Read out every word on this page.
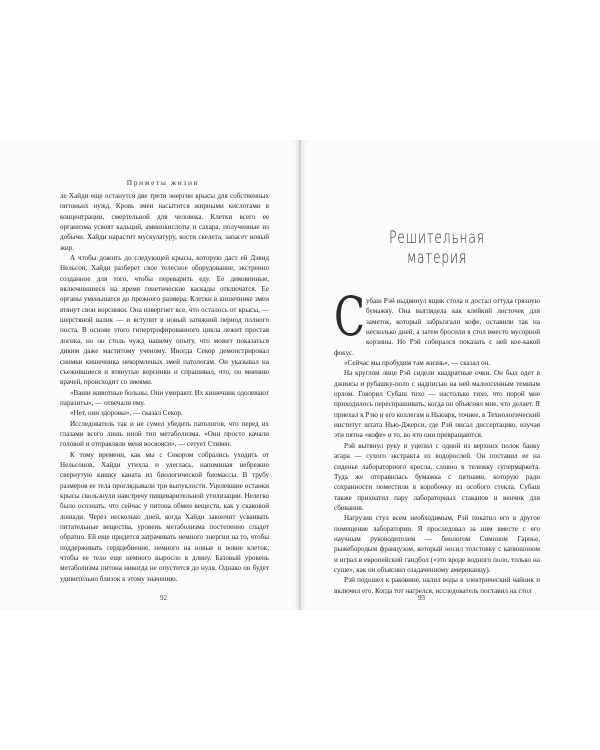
Приметы жизни

ле Хайди еще останутся две трети энергии крысы для собственных питоньих нужд. Кровь змеи насытится жирными кислотами в концентрации, смертельной для человека. Клетки всего ее организма усвоят кальций, аминокислоты и сахара, полученные из добычи. Хайди нарастит мускулатуру, кости скелета, запасет новый жир.

А чтобы дожить до следующей крысы, которую даст ей Дэвид Нельсон, Хайди разберет свое телесное оборудование, экстренно созданное для того, чтобы переварить еду. Ее диковинные, включившиеся на время генетические каскады отключатся. Ее органы уменьшатся до прежнего размера. Клетки в кишечнике змеи втянут свои ворсинки. Она изве́ргнет все, что осталось от крысы, — шерстяной валик — и вступит в новый затяжной период полного поста. В основе этого гипертрофированного цикла лежит простая логика, но он столь чужд нашему опыту, что может показаться диким даже маститому ученому. Иногда Секор демонстрировал снимки кишечника некормленых змей патологам. Он указывал на съежившиеся и втянутые ворсинки и спрашивал, что, по мнению врачей, происходит со змеями.

«Ваши животные больны. Они умирают. Их кишечник одолевают паразиты», — отвечали ему.

«Нет, они здоровы», — сказал Секор.

Исследователь так и не сумел убедить патологов, что перед их глазами всего лишь иной тип метаболизма. «Они просто качали головой и отправляли меня восвояси», — сетует Стивен.

К тому времени, как мы с Секором собрались уходить от Нельсонов, Хайди утихла и улеглась, напоминая небрежно свернутую кишку каната из биологической биомассы. В трубу размеров ее тела проглядывали три выпуклости. Уцелевшие останки крысы скользнули навстречу пищеварительной утилизации. Нелегко было осознать, что сейчас у питона обмен веществ, как у скаковой лошади. Через несколько дней, когда Хайди закончит усваивать питательные вещества, уровень метаболизма постепенно спадет обратно. Ей еще придется затрачивать немного энергии на то, чтобы поддерживать сердцебиение, немного на новые и вовне клеток, чтобы ее тело еще немного выросло в длину. Базовый уровень метаболизма питона никогда не опустится до нуля. Однако он будет удивительно близок к этому значению.

92
Решительная материя

Субаш Рэй выдвинул ящик стола и достал оттуда грязную бумажку. Она выглядела как клейкий листочек для заметок, который забрызгали кофе, оставили так на несколько дней, а затем бросили в стол вместо мусорной корзины. Но Рэй собирался показать с ней кое-какой фокус.

«Сейчас мы пробудим там жизнь», — сказал он.

На круглом лице Рэй сидели квадратные очки. Он был одет в джинсы и рубашку-поло с надписью на ней малоосенным темным орлом. Говорил Субаш тихо — настолько тихо, что порой мне приходилось переспрашивать, когда он объяснял мне, что делает. Я приехал к Рэю и его коллегам в Ньюарк, точнее, в Технологический институт штата Нью-Джерси, где Рэй писал диссертацию, изучая эти пятна «кофе» и то, во что они превращаются.

Рэй вытянул руку и уцепил с одной из верхних полок банку агара — сухого экстракта из водорослей. Он поставил ее на сиденье лабораторного кресла, словно в тележку супермаркета. Туда же отправилась бумажка с пятнами, которую ради сохранности поместили в коробочку из особого стекла. Субаш также прихватил пару лабораторных стаканов и венчик для сбивания.

Нагрузив стул всем необходимым, Рэй покатил его в другое помещение лаборатории. Я проследовал за ним вместе с его научным руководителем — биологом Симоном Гарнье, рыжебородым французом, который носил толстовку с капюшоном и играл в европейский гандбол («это вроде водного поло, только на суше», как он объяснил озадаченному американцу).

Рэй подошел к раковине, налил воды в электрический чайник и включил его. Когда тот нагрелся, исследователь поставил на стол

93
